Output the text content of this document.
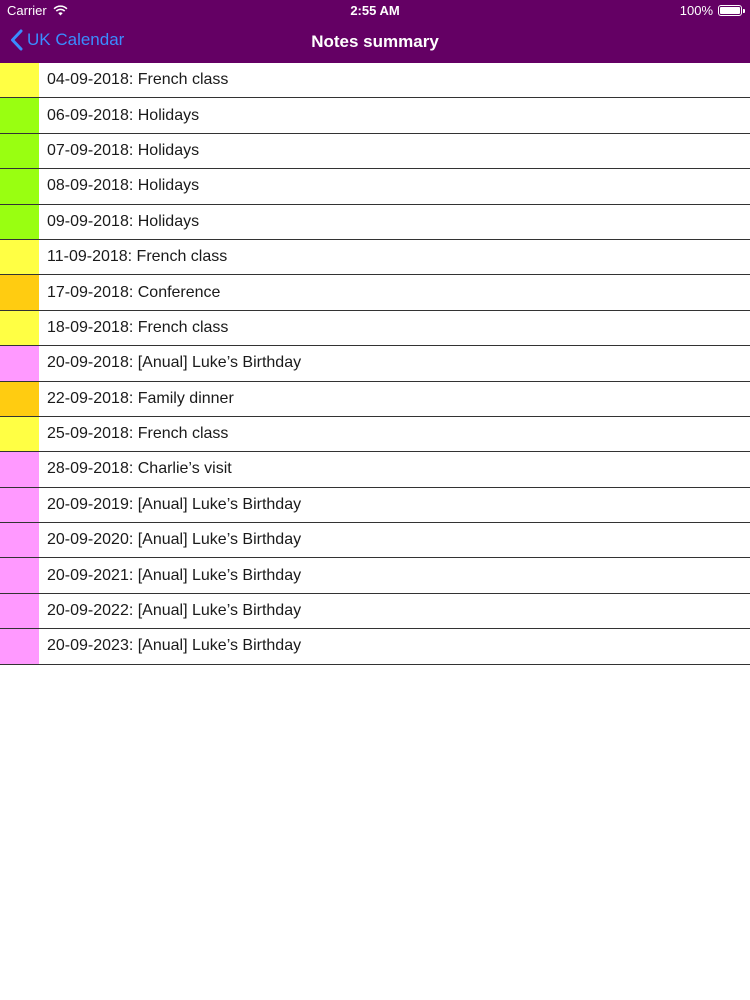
Carrier	2:55 AM	100%
UK Calendar	Notes summary
04-09-2018: French class
06-09-2018: Holidays
07-09-2018: Holidays
08-09-2018: Holidays
09-09-2018: Holidays
11-09-2018: French class
17-09-2018: Conference
18-09-2018: French class
20-09-2018: [Anual] Luke’s Birthday
22-09-2018: Family dinner
25-09-2018: French class
28-09-2018: Charlie’s visit
20-09-2019: [Anual] Luke’s Birthday
20-09-2020: [Anual] Luke’s Birthday
20-09-2021: [Anual] Luke’s Birthday
20-09-2022: [Anual] Luke’s Birthday
20-09-2023: [Anual] Luke’s Birthday
